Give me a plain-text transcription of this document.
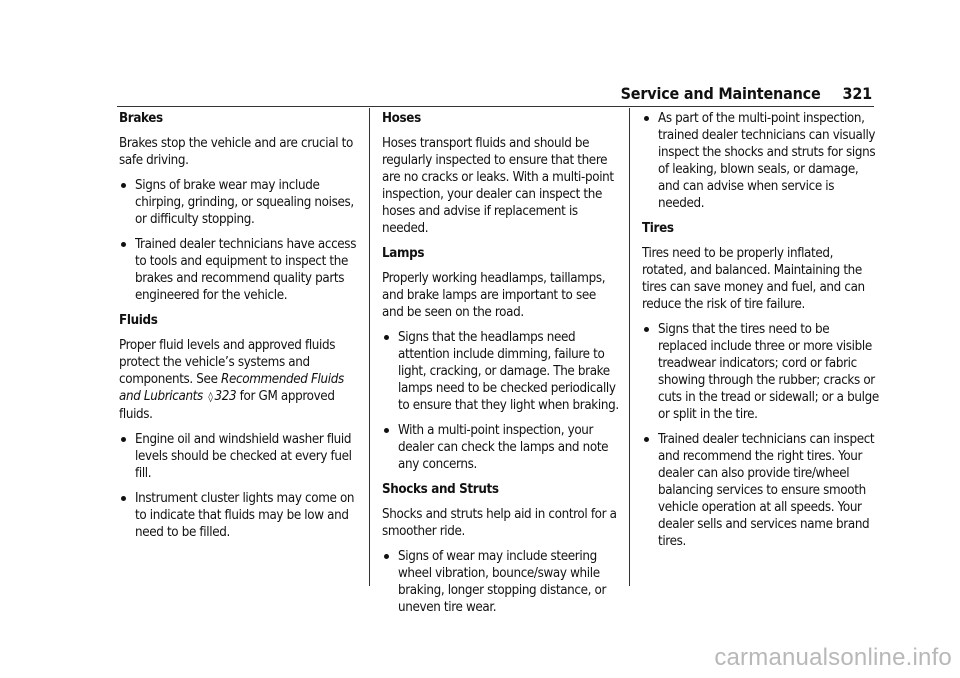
Service and Maintenance 321
Brakes

Brakes stop the vehicle and are crucial to safe driving.

Signs of brake wear may include chirping, grinding, or squealing noises, or difficulty stopping.
Trained dealer technicians have access to tools and equipment to inspect the brakes and recommend quality parts engineered for the vehicle.
Fluids

Proper fluid levels and approved fluids protect the vehicle’s systems and components. See Recommended Fluids and Lubricants ◊ 323 for GM approved fluids.

Engine oil and windshield washer fluid levels should be checked at every fuel fill.
Instrument cluster lights may come on to indicate that fluids may be low and need to be filled.
Hoses

Hoses transport fluids and should be regularly inspected to ensure that there are no cracks or leaks. With a multi-point inspection, your dealer can inspect the hoses and advise if replacement is needed.

Lamps

Properly working headlamps, taillamps, and brake lamps are important to see and be seen on the road.

Signs that the headlamps need attention include dimming, failure to light, cracking, or damage. The brake lamps need to be checked periodically to ensure that they light when braking.
With a multi-point inspection, your dealer can check the lamps and note any concerns.
Shocks and Struts

Shocks and struts help aid in control for a smoother ride.

Signs of wear may include steering wheel vibration, bounce/sway while braking, longer stopping distance, or uneven tire wear.
As part of the multi-point inspection, trained dealer technicians can visually inspect the shocks and struts for signs of leaking, blown seals, or damage, and can advise when service is needed.
Tires

Tires need to be properly inflated, rotated, and balanced. Maintaining the tires can save money and fuel, and can reduce the risk of tire failure.

Signs that the tires need to be replaced include three or more visible treadwear indicators; cord or fabric showing through the rubber; cracks or cuts in the tread or sidewall; or a bulge or split in the tire.
Trained dealer technicians can inspect and recommend the right tires. Your dealer can also provide tire/wheel balancing services to ensure smooth vehicle operation at all speeds. Your dealer sells and services name brand tires.
carmanualsonline.info
